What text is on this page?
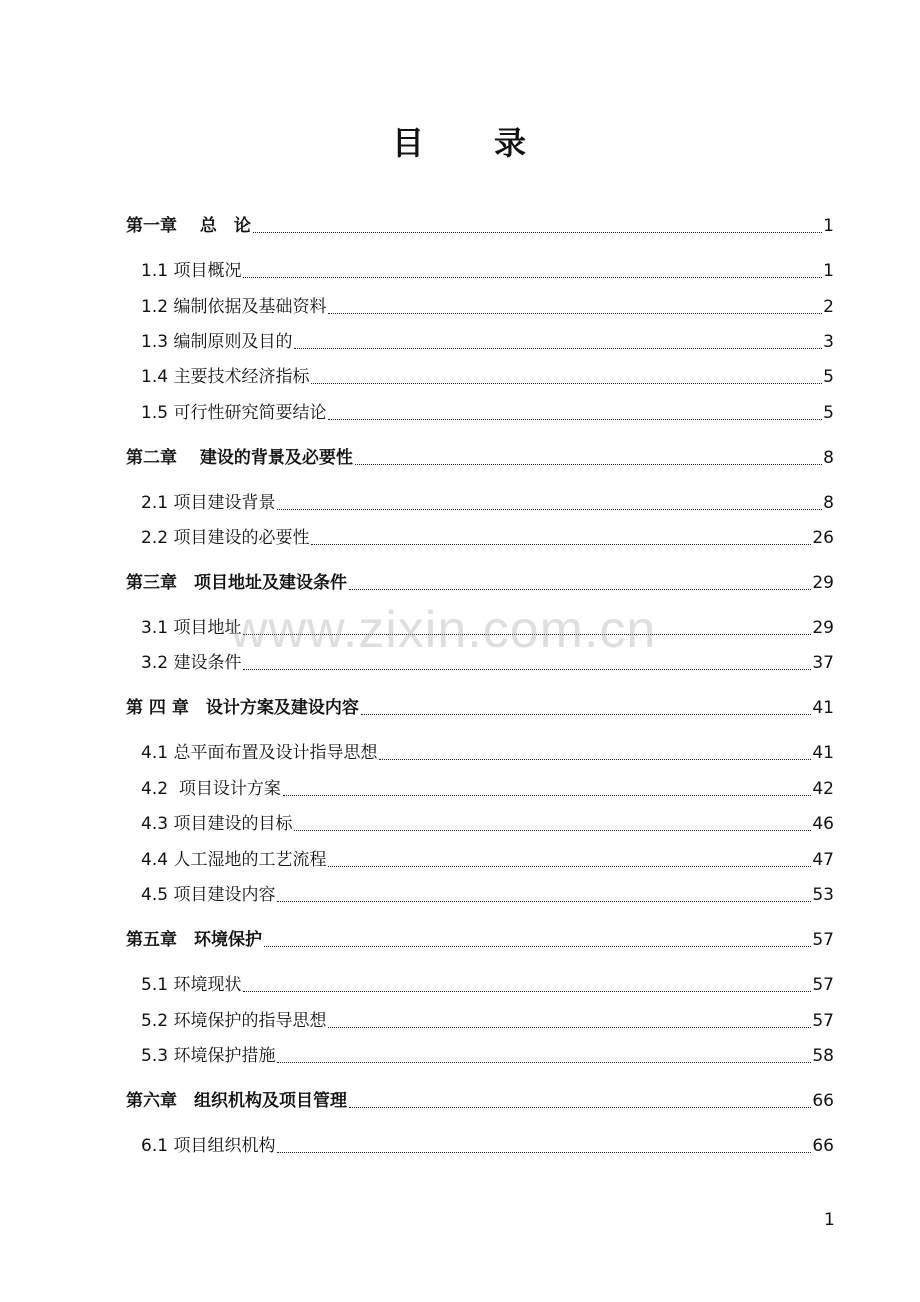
目　　录
第一章　 总　论	1
1.1 项目概况	1
1.2 编制依据及基础资料	2
1.3 编制原则及目的	3
1.4 主要技术经济指标	5
1.5 可行性研究简要结论	5
第二章　 建设的背景及必要性	8
2.1 项目建设背景	8
2.2 项目建设的必要性	26
第三章　项目地址及建设条件	29
3.1 项目地址	29
3.2 建设条件	37
第 四 章　设计方案及建设内容	41
4.1 总平面布置及设计指导思想	41
4.2  项目设计方案	42
4.3 项目建设的目标	46
4.4 人工湿地的工艺流程	47
4.5 项目建设内容	53
第五章　环境保护	57
5.1 环境现状	57
5.2 环境保护的指导思想	57
5.3 环境保护措施	58
第六章　组织机构及项目管理	66
6.1 项目组织机构	66
www.zixin.com.cn
1
